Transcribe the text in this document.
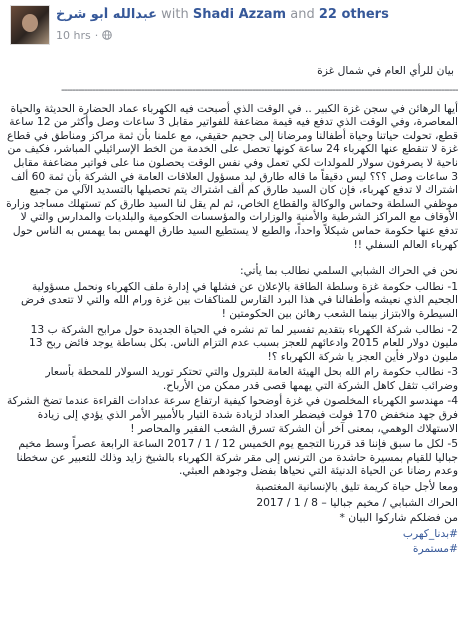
عبدالله أبو شرخ with Shadi Azzam and 22 others
10 hrs ·

بيان للرأي العام في شمال غزة

-------------------------------------------------------------------------------------------------------------------------------------------

أيها الرهائن في سجن غزة الكبير .. في الوقت الذي أصبحت فيه الكهرباء عماد الحضارة الحديثة والحياة المعاصرة، وفي الوقت الذي تدفع فيه قيمة مضاعفة للفواتير مقابل 3 ساعات وصل وأكثر من 12 ساعة قطع، تحولت حياتنا وحياة أطفالنا ومرضانا إلى جحيم حقيقي، مع علمنا بأن ثمة مراكز ومناطق في قطاع غزة لا تنقطع عنها الكهرباء 24 ساعة كونها تحصل على الخدمة من الخط الإسرائيلي المباشر، فكيف من ناحية لا يصرفون سولار للمولدات لكي تعمل وفي نفس الوقت يحصلون منا على فواتير مضاعفة مقابل 3 ساعات وصل ؟؟؟ ليس دقيقاً ما قاله طارق لبد مسؤول العلاقات العامة في الشركة بأن ثمة 60 ألف اشتراك لا تدفع كهرباء، فإن كان السيد طارق كم ألف اشتراك يتم تحصيلها بالتسديد الآلي من جميع موظفي السلطة وحماس والوكالة والقطاع الخاص، ثم لم يقل لنا السيد طارق كم تستهلك مساجد وزارة الأوقاف مع المراكز الشرطية والأمنية والوزارات والمؤسسات الحكومية والبلديات والمدارس والتي لا تدفع عنها حكومة حماس شيكلاً واحداً، والطبع لا يستطيع السيد طارق الهمس بما يهمس به الناس حول كهرباء العالم السفلي !!

نحن في الحراك الشبابي السلمي نطالب بما يأتي:

1- نطالب حكومة غزة وسلطة الطاقة بالإعلان عن فشلها في إدارة ملف الكهرباء ونحمل مسؤولية الجحيم الذي نعيشه وأطفالنا في هذا البرد القارس للمناكفات بين غزة ورام الله والتي لا تتعدى فرض السيطرة والابتزاز بينما الشعب رهائن بين الحكومتين !

2- نطالب شركة الكهرباء بتقديم تفسير لما تم نشره في الحياة الجديدة حول مرابح الشركة ب 13 مليون دولار للعام 2015 وادعائهم للعجز بسبب عدم التزام الناس. بكل بساطة يوجد فائض ربح 13 مليون دولار فأين العجز يا شركة الكهرباء ؟!

3- نطالب حكومة رام الله بحل الهيئة العامة للبترول والتي تحتكر توريد السولار للمحطة بأسعار وضرائب تثقل كاهل الشركة التي يهمها قصى قدر ممكن من الأرباح.

4- مهندسو الكهرباء المخلصون في غزة أوضحوا كيفية ارتفاع سرعة عدادات القراءة عندما تضخ الشركة فرق جهد منخفض 170 فولت فيضطر العداد لزيادة شدة التيار بالأمبير الأمر الذي يؤدي إلى زيادة الاستهلاك الوهمي، بمعنى آخر أن الشركة تسرق الشعب الفقير والمحاصر !

5- لكل ما سبق فإننا قد قررنا التجمع يوم الخميس 12 / 1 / 2017 الساعة الرابعة عصراً وسط مخيم جباليا للقيام بمسيرة حاشدة من الترنس إلى مقر شركة الكهرباء بالشيخ زايد وذلك للتعبير عن سخطنا وعدم رضانا عن الحياة الدنيئة التي نحياها بفضل وجودهم العبثي.

ومعا لأجل حياة كريمة تليق بالإنسانية المغتصبة

الحراك الشبابي / مخيم جباليا – 8 / 1 / 2017

من فضلكم شاركوا البيان *

#بدنا_كهرب

#مستمرة
